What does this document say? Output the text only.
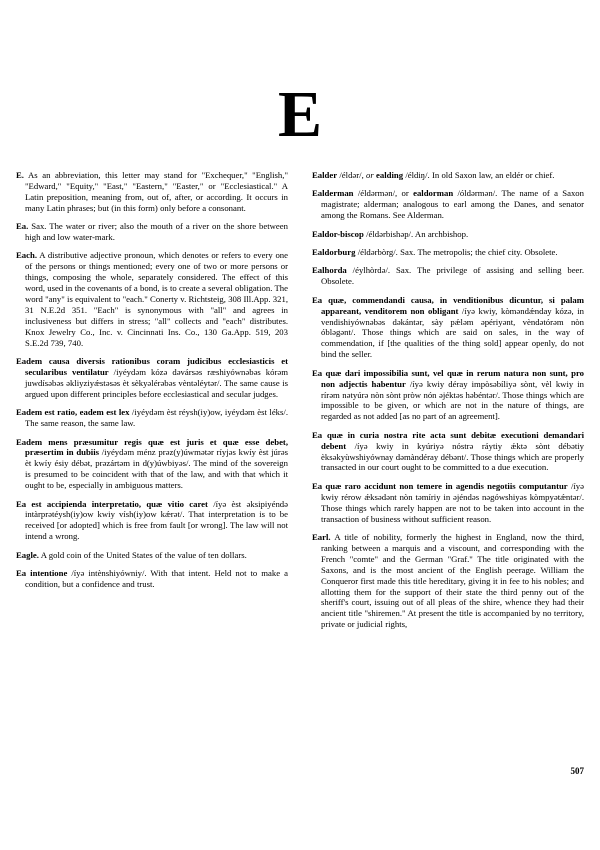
E

E. As an abbreviation, this letter may stand for "Exchequer," "English," "Edward," "Equity," "East," "Eastern," "Easter," or "Ecclesiastical." A Latin preposition, meaning from, out of, after, or according. It occurs in many Latin phrases; but (in this form) only before a consonant.

Ea. Sax. The water or river; also the mouth of a river on the shore between high and low water-mark.

Each. A distributive adjective pronoun, which denotes or refers to every one of the persons or things mentioned; every one of two or more persons or things, composing the whole, separately considered. The effect of this word, used in the covenants of a bond, is to create a several obligation. The word "any" is equivalent to "each." Conerty v. Richtsteig, 308 Ill.App. 321, 31 N.E.2d 351. "Each" is synonymous with "all" and agrees in inclusiveness but differs in stress; "all" collects and "each" distributes. Knox Jewelry Co., Inc. v. Cincinnati Ins. Co., 130 Ga.App. 519, 203 S.E.2d 739, 740.

Eadem causa diversis rationibus coram judicibus ecclesiasticis et secularibus ventilatur /iyéydəm kózə dəvársəs ræshiyównəbəs kórəm juwdísəbəs əkliyziyǽstəsəs èt sèkyəlérəbəs vèntəléytər/. The same cause is argued upon different principles before ecclesiastical and secular judges.

Eadem est ratio, eadem est lex /iyéydəm èst réysh(iy)ow, iyéydəm èst léks/. The same reason, the same law.

Eadem mens præsumitur regis quæ est juris et quæ esse debet, præsertim in dubiis /iyéydəm ménz prəz(y)úwmətər ríyjəs kwíy èst júrəs èt kwíy ésiy débət, prəzártəm in d(y)úwbiyəs/. The mind of the sovereign is presumed to be coincident with that of the law, and with that which it ought to be, especially in ambiguous matters.

Ea est accipienda interpretatio, quæ vitio caret /íyə èst əksipiyéndə intàrprətéysh(iy)ow kwiy vísh(iy)ow kǽrət/. That interpretation is to be received [or adopted] which is free from fault [or wrong]. The law will not intend a wrong.

Eagle. A gold coin of the United States of the value of ten dollars.

Ea intentione /íyə intènshiyówniy/. With that intent. Held not to make a condition, but a confidence and trust.

Ealder /éldər/, or ealding /éldiŋ/. In old Saxon law, an eldér or chief.

Ealderman /éldərmən/, or ealdorman /óldərmən/. The name of a Saxon magistrate; alderman; analogous to earl among the Danes, and senator among the Romans. See Alderman.

Ealdor-biscop /éldərbishəp/. An archbishop.

Ealdorburg /éldərbòrg/. Sax. The metropolis; the chief city. Obsolete.

Ealhorda /éylhòrdə/. Sax. The privilege of assising and selling beer. Obsolete.

Ea quæ, commendandi causa, in venditionibus dicuntur, si palam appareant, venditorem non obligant /íyə kwiy, kòməndǽnday kózə, in vendishiyównəbəs dəkántər, sày pǽləm əpériyənt, vèndətórəm nòn óbləgənt/. Those things which are said on sales, in the way of commendation, if [the qualities of the thing sold] appear openly, do not bind the seller.

Ea quæ dari impossibilia sunt, vel quæ in rerum natura non sunt, pro non adjectis habentur /íyə kwiy déray impòsəbíliyə sònt, vèl kwiy in rírəm nətyúrə nòn sònt pròw nón əjéktəs həbéntər/. Those things which are impossible to be given, or which are not in the nature of things, are regarded as not added [as no part of an agreement].

Ea quæ in curia nostra rite acta sunt debitæ executioni demandari debent /íyə kwiy in kyúriyə nóstrə ráytiy ǽktə sònt débətiy èksəkyùwshiyównay dəmàndéray débənt/. Those things which are properly transacted in our court ought to be committed to a due execution.

Ea quæ raro accidunt non temere in agendis negotiis computantur /íyə kwiy rérow ǽksədənt nòn təmíriy in əjéndəs nəgówshiyəs kòmpyətǽntər/. Those things which rarely happen are not to be taken into account in the transaction of business without sufficient reason.

Earl. A title of nobility, formerly the highest in England, now the third, ranking between a marquis and a viscount, and corresponding with the French "comte" and the German "Graf." The title originated with the Saxons, and is the most ancient of the English peerage. William the Conqueror first made this title hereditary, giving it in fee to his nobles; and allotting them for the support of their state the third penny out of the sheriff's court, issuing out of all pleas of the shire, whence they had their ancient title "shiremen." At present the title is accompanied by no territory, private or judicial rights,

507
